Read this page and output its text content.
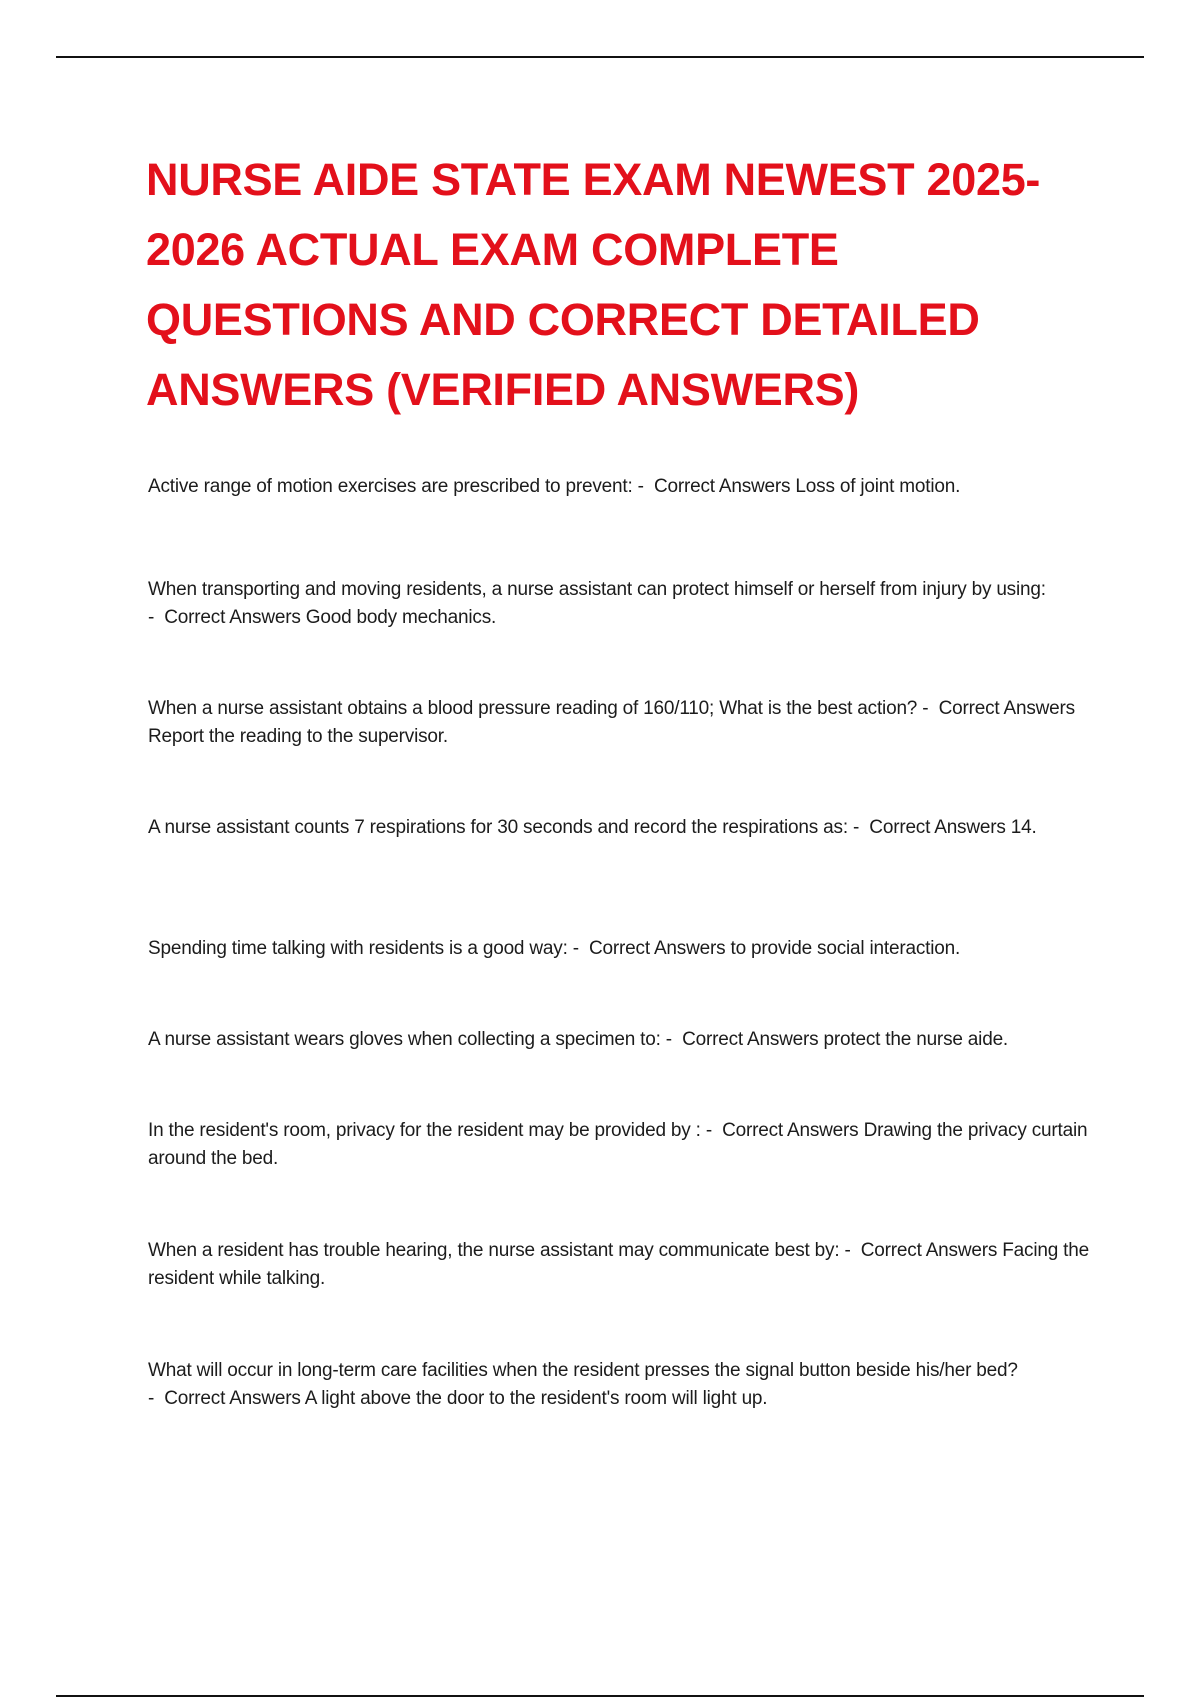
NURSE AIDE STATE EXAM NEWEST 2025-2026 ACTUAL EXAM COMPLETE QUESTIONS AND CORRECT DETAILED ANSWERS (VERIFIED ANSWERS)

Active range of motion exercises are prescribed to prevent: -  Correct Answers Loss of joint motion.

When transporting and moving residents, a nurse assistant can protect himself or herself from injury by using: -  Correct Answers Good body mechanics.

When a nurse assistant obtains a blood pressure reading of 160/110; What is the best action? -  Correct Answers Report the reading to the supervisor.

A nurse assistant counts 7 respirations for 30 seconds and record the respirations as: -  Correct Answers 14.

Spending time talking with residents is a good way: -  Correct Answers to provide social interaction.

A nurse assistant wears gloves when collecting a specimen to: -  Correct Answers protect the nurse aide.

In the resident's room, privacy for the resident may be provided by : -  Correct Answers Drawing the privacy curtain around the bed.

When a resident has trouble hearing, the nurse assistant may communicate best by: -  Correct Answers Facing the resident while talking.

What will occur in long-term care facilities when the resident presses the signal button beside his/her bed? -  Correct Answers A light above the door to the resident's room will light up.
